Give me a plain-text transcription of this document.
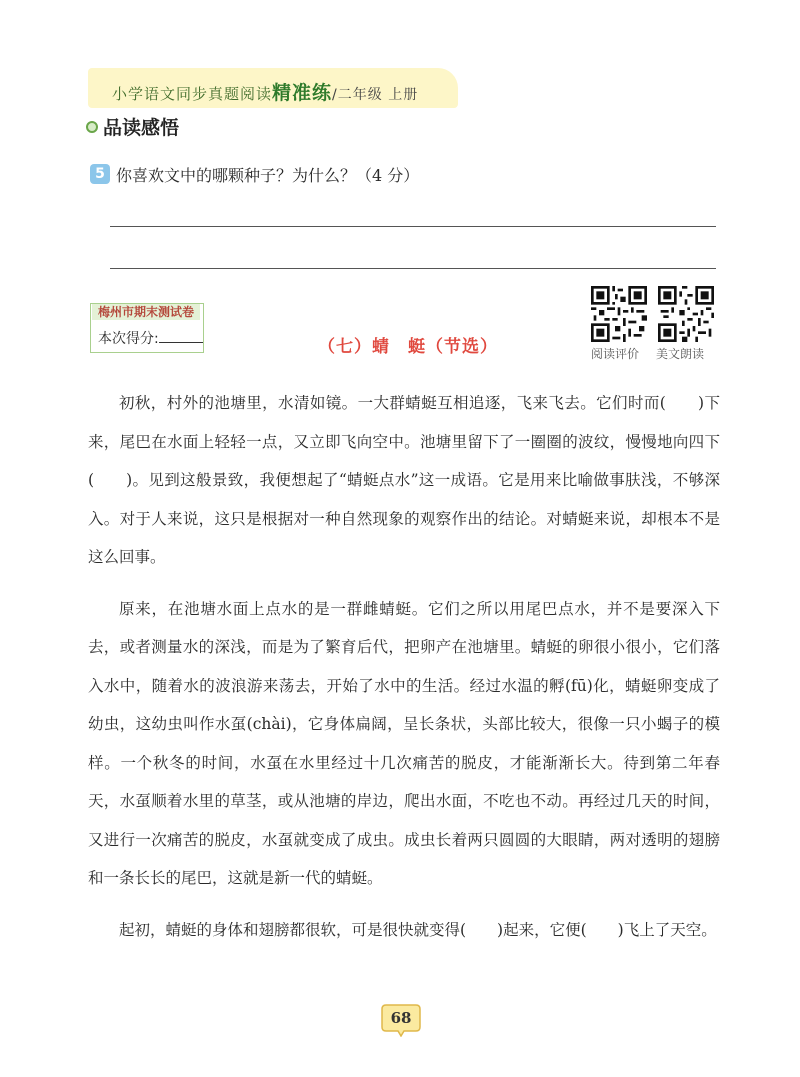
小学语文同步真题阅读精准练/二年级 上册
品读感悟
5 你喜欢文中的哪颗种子？为什么？（4 分）
梅州市期末测试卷
本次得分:	（七）蜻　蜓（节选）	阅读评价 美文朗读

初秋，村外的池塘里，水清如镜。一大群蜻蜓互相追逐，飞来飞去。它们时而(　　)下来，尾巴在水面上轻轻一点，又立即飞向空中。池塘里留下了一圈圈的波纹，慢慢地向四下(　　)。见到这般景致，我便想起了“蜻蜓点水”这一成语。它是用来比喻做事肤浅，不够深入。对于人来说，这只是根据对一种自然现象的观察作出的结论。对蜻蜓来说，却根本不是这么回事。

原来，在池塘水面上点水的是一群雌蜻蜓。它们之所以用尾巴点水，并不是要深入下去，或者测量水的深浅，而是为了繁育后代，把卵产在池塘里。蜻蜓的卵很小很小，它们落入水中，随着水的波浪游来荡去，开始了水中的生活。经过水温的孵(fū)化，蜻蜓卵变成了幼虫，这幼虫叫作水虿(chài)，它身体扁阔，呈长条状，头部比较大，很像一只小蝎子的模样。一个秋冬的时间，水虿在水里经过十几次痛苦的脱皮，才能渐渐长大。待到第二年春天，水虿顺着水里的草茎，或从池塘的岸边，爬出水面，不吃也不动。再经过几天的时间，又进行一次痛苦的脱皮，水虿就变成了成虫。成虫长着两只圆圆的大眼睛，两对透明的翅膀和一条长长的尾巴，这就是新一代的蜻蜓。

起初，蜻蜓的身体和翅膀都很软，可是很快就变得(　　)起来，它便(　　)飞上了天空。

68
